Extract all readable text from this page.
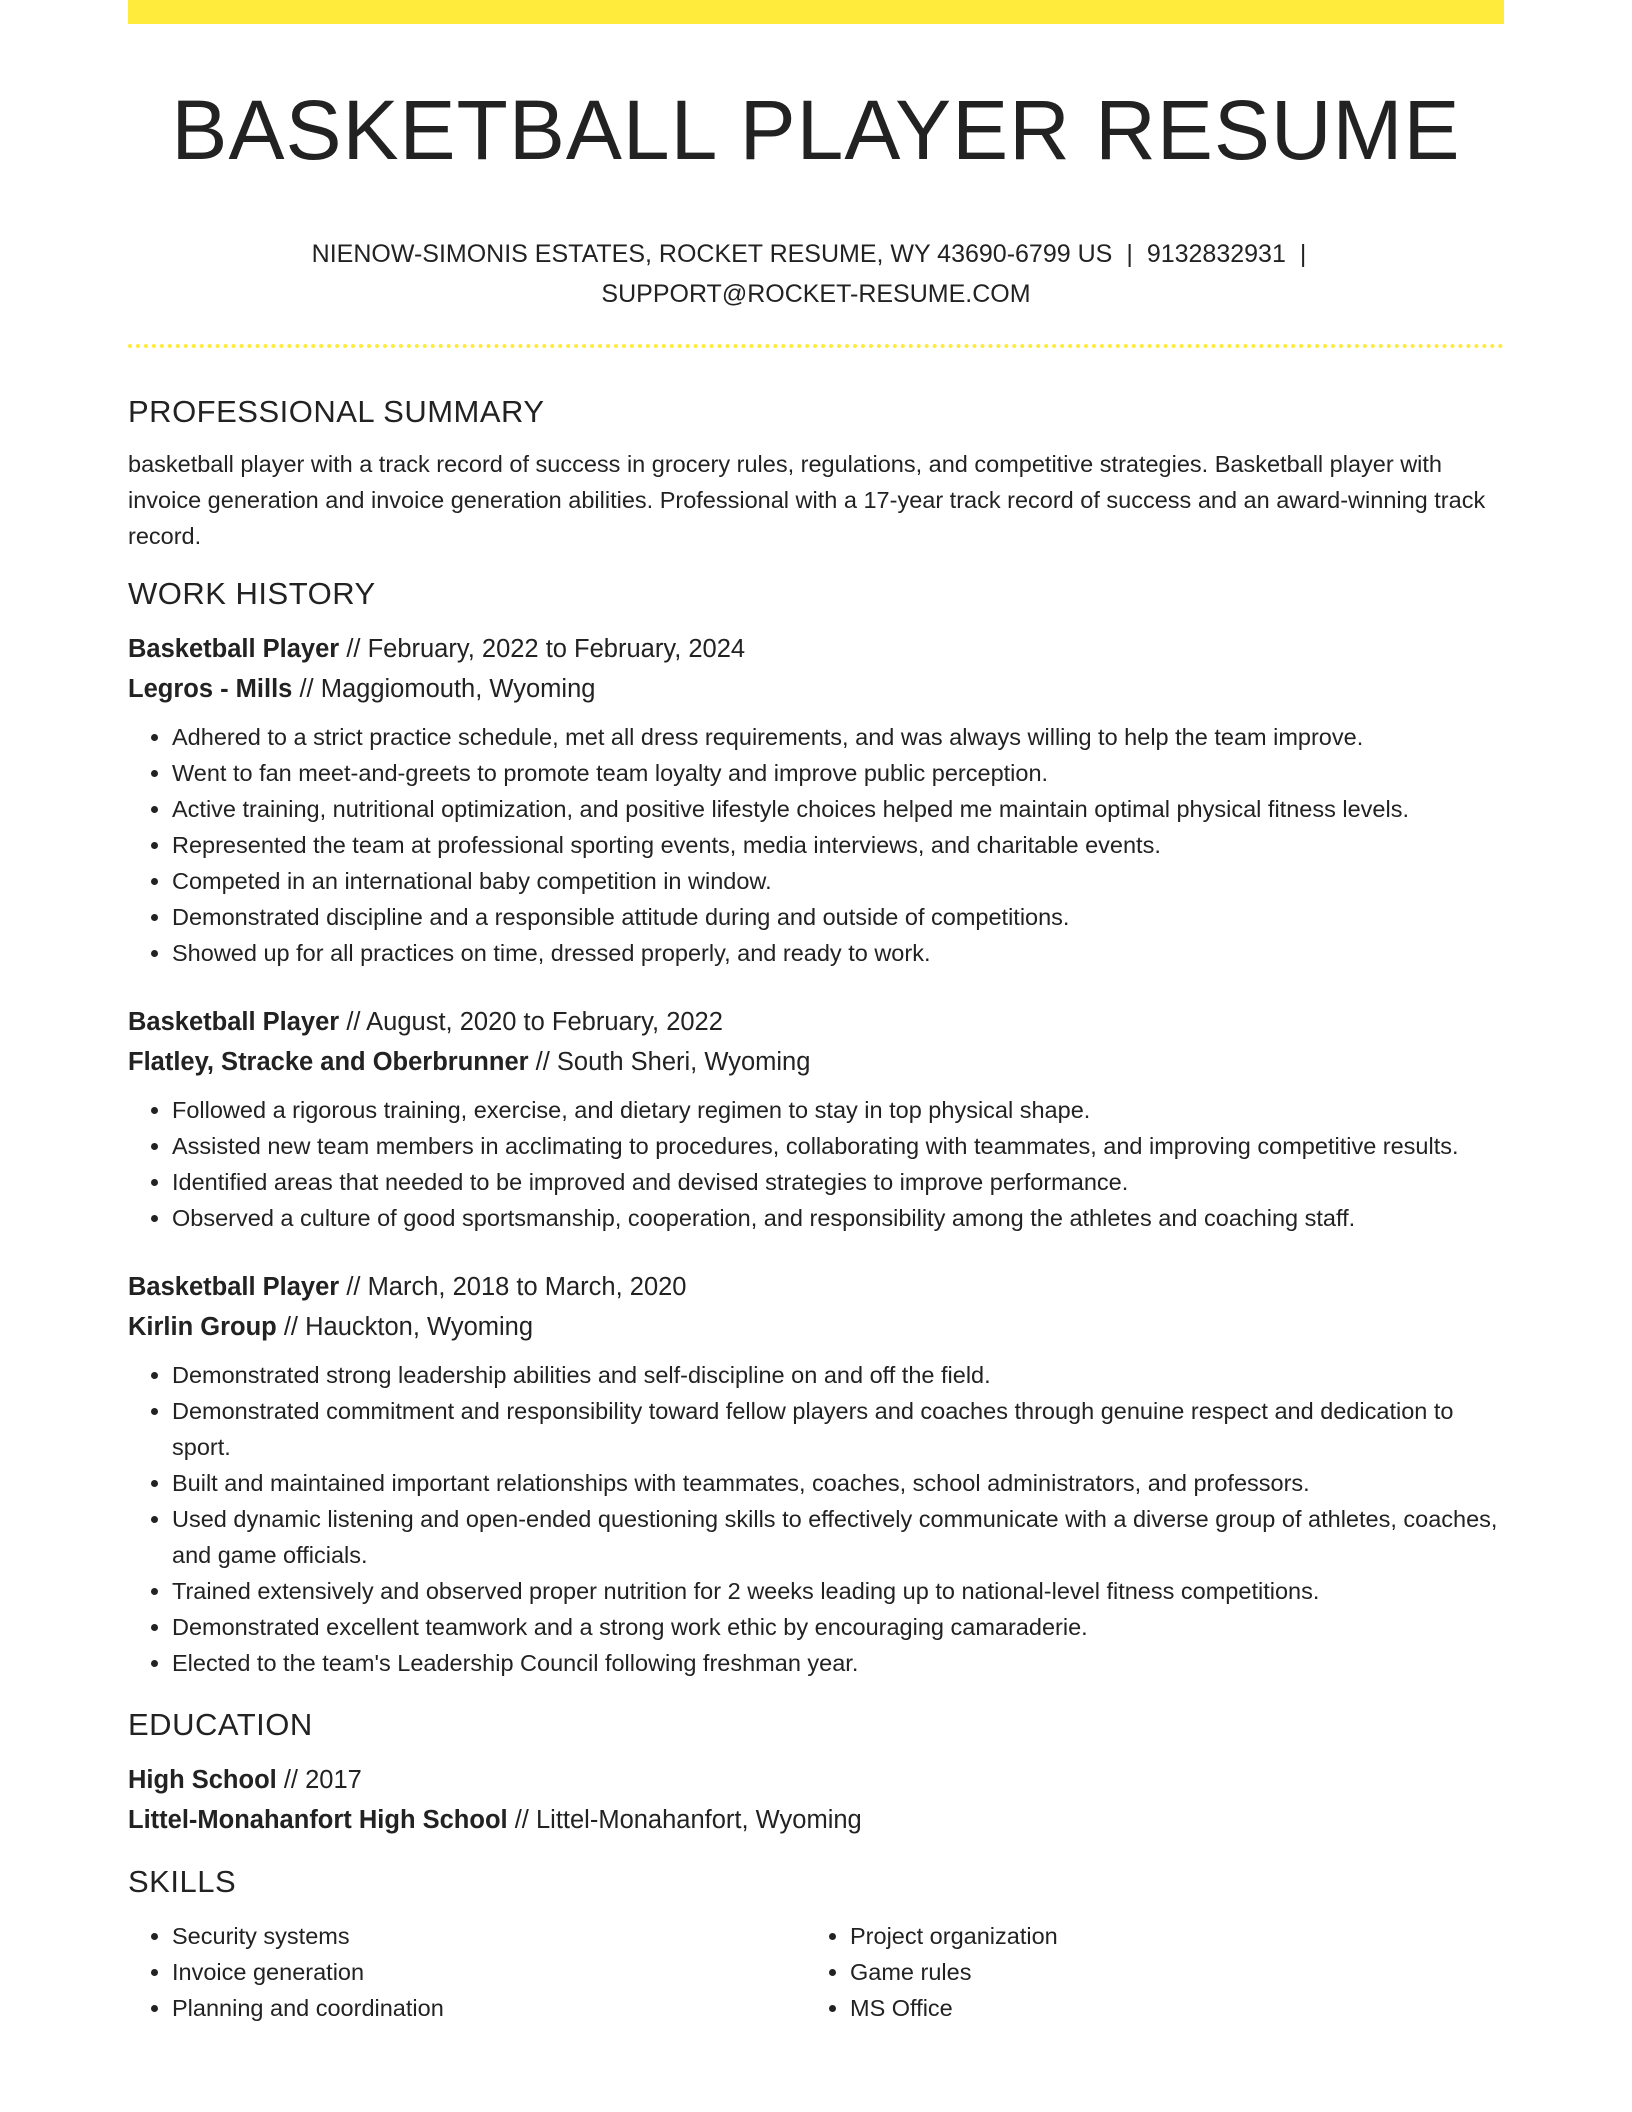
BASKETBALL PLAYER RESUME
NIENOW-SIMONIS ESTATES, ROCKET RESUME, WY 43690-6799 US | 9132832931 |
SUPPORT@ROCKET-RESUME.COM
PROFESSIONAL SUMMARY

basketball player with a track record of success in grocery rules, regulations, and competitive strategies. Basketball player with invoice generation and invoice generation abilities. Professional with a 17-year track record of success and an award-winning track record.

WORK HISTORY
Basketball Player // February, 2022 to February, 2024
Legros - Mills // Maggiomouth, Wyoming
• Adhered to a strict practice schedule, met all dress requirements, and was always willing to help the team improve.
• Went to fan meet-and-greets to promote team loyalty and improve public perception.
• Active training, nutritional optimization, and positive lifestyle choices helped me maintain optimal physical fitness levels.
• Represented the team at professional sporting events, media interviews, and charitable events.
• Competed in an international baby competition in window.
• Demonstrated discipline and a responsible attitude during and outside of competitions.
• Showed up for all practices on time, dressed properly, and ready to work.
Basketball Player // August, 2020 to February, 2022
Flatley, Stracke and Oberbrunner // South Sheri, Wyoming
• Followed a rigorous training, exercise, and dietary regimen to stay in top physical shape.
• Assisted new team members in acclimating to procedures, collaborating with teammates, and improving competitive results.
• Identified areas that needed to be improved and devised strategies to improve performance.
• Observed a culture of good sportsmanship, cooperation, and responsibility among the athletes and coaching staff.
Basketball Player // March, 2018 to March, 2020
Kirlin Group // Hauckton, Wyoming
• Demonstrated strong leadership abilities and self-discipline on and off the field.
• Demonstrated commitment and responsibility toward fellow players and coaches through genuine respect and dedication to sport.
• Built and maintained important relationships with teammates, coaches, school administrators, and professors.
• Used dynamic listening and open-ended questioning skills to effectively communicate with a diverse group of athletes, coaches, and game officials.
• Trained extensively and observed proper nutrition for 2 weeks leading up to national-level fitness competitions.
• Demonstrated excellent teamwork and a strong work ethic by encouraging camaraderie.
• Elected to the team's Leadership Council following freshman year.
EDUCATION
High School // 2017
Littel-Monahanfort High School // Littel-Monahanfort, Wyoming
SKILLS
• Security systems
• Invoice generation
• Planning and coordination
• Project organization
• Game rules
• MS Office
